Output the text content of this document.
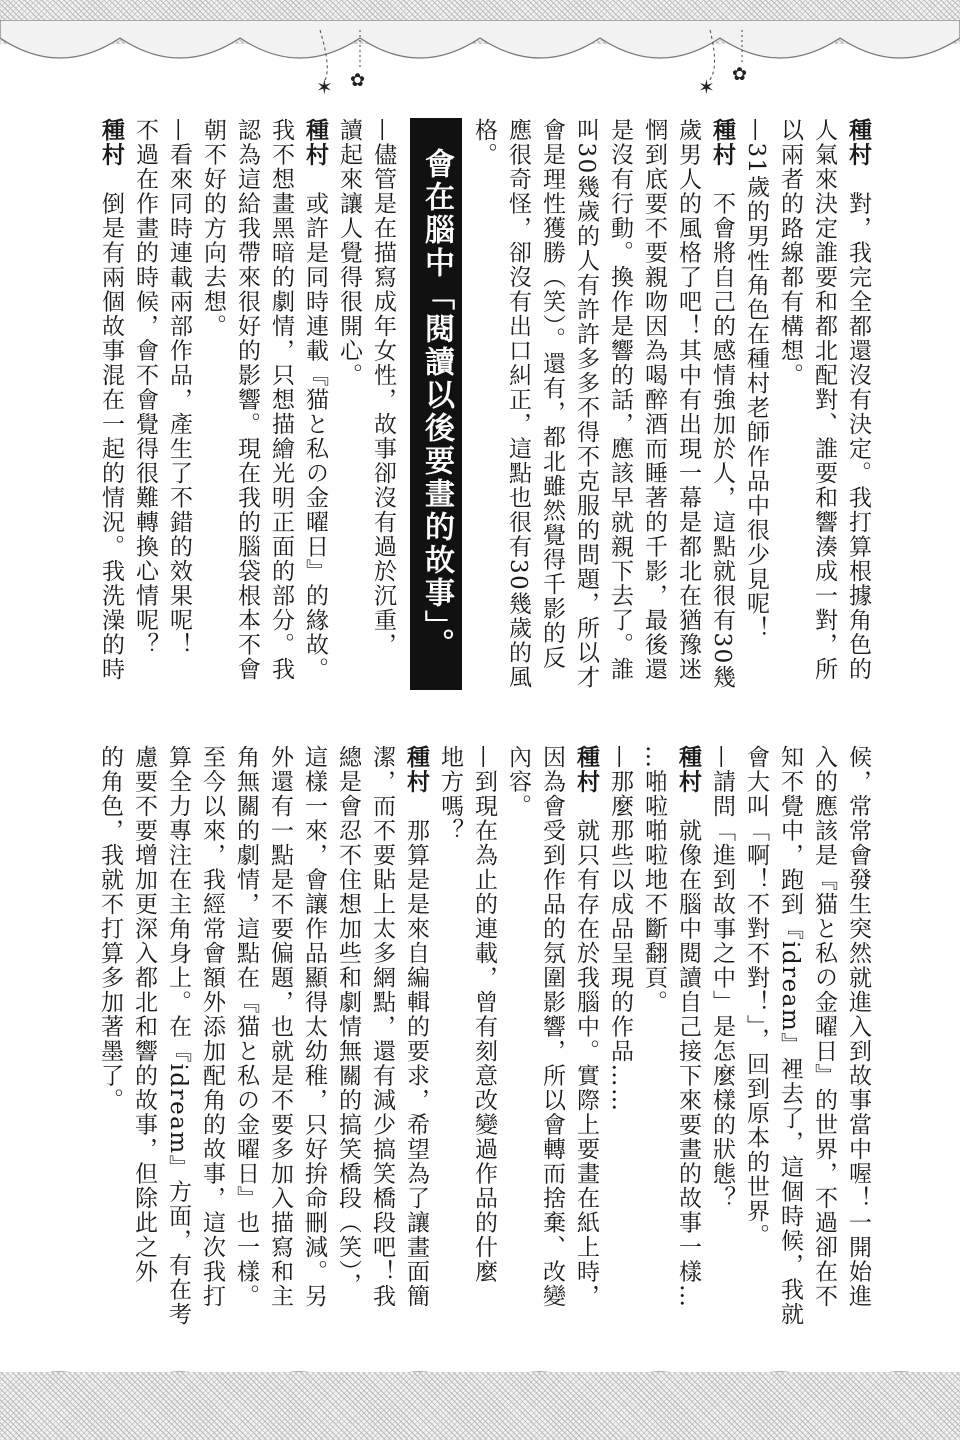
✶ ✿	✶
✿
會在腦中「閱讀以後要畫的故事」。
種村　對，我完全都還沒有決定。我打算根據角色的
人氣來決定誰要和都北配對、誰要和響湊成一對，所
以兩者的路線都有構想。
—31歲的男性角色在種村老師作品中很少見呢！
種村　不會將自己的感情強加於人，這點就很有30幾
歲男人的風格了吧！其中有出現一幕是都北在猶豫迷
惘到底要不要親吻因為喝醉酒而睡著的千影，最後還
是沒有行動。換作是響的話，應該早就親下去了。誰
叫30幾歲的人有許許多多不得不克服的問題，所以才
會是理性獲勝（笑）。還有，都北雖然覺得千影的反
應很奇怪，卻沒有出口糾正，這點也很有30幾歲的風
格。
—儘管是在描寫成年女性，故事卻沒有過於沉重，
讀起來讓人覺得很開心。
種村　或許是同時連載『猫と私の金曜日』的緣故。
我不想畫黑暗的劇情，只想描繪光明正面的部分。我
認為這給我帶來很好的影響。現在我的腦袋根本不會
朝不好的方向去想。
—看來同時連載兩部作品，產生了不錯的效果呢！
不過在作畫的時候，會不會覺得很難轉換心情呢？
種村　倒是有兩個故事混在一起的情況。我洗澡的時
候，常常會發生突然就進入到故事當中喔！一開始進
入的應該是『猫と私の金曜日』的世界，不過卻在不
知不覺中，跑到『idream』裡去了，這個時候，我就
會大叫「啊！不對不對！」，回到原本的世界。
—請問「進到故事之中」是怎麼樣的狀態？
種村　就像在腦中閱讀自己接下來要畫的故事一樣…
…啪啦啪啦地不斷翻頁。
—那麼那些以成品呈現的作品……
種村　就只有存在於我腦中。實際上要畫在紙上時，
因為會受到作品的氛圍影響，所以會轉而捨棄、改變
內容。
—到現在為止的連載，曾有刻意改變過作品的什麼
地方嗎？
種村　那算是是來自編輯的要求，希望為了讓畫面簡
潔，而不要貼上太多網點，還有減少搞笑橋段吧！我
總是會忍不住想加些和劇情無關的搞笑橋段（笑），
這樣一來，會讓作品顯得太幼稚，只好拚命刪減。另
外還有一點是不要偏題，也就是不要多加入描寫和主
角無關的劇情，這點在『猫と私の金曜日』也一樣。
至今以來，我經常會額外添加配角的故事，這次我打
算全力專注在主角身上。在『idream』方面，有在考
慮要不要增加更深入都北和響的故事，但除此之外
的角色，我就不打算多加著墨了。
